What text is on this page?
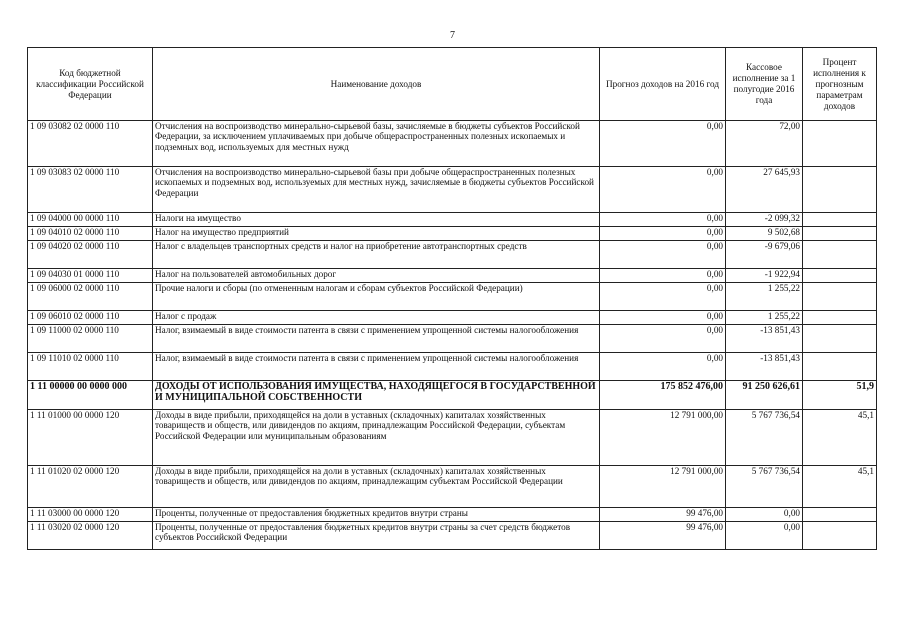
7
Код бюджетной классификации Российской Федерации	Наименование доходов	Прогноз доходов на 2016 год	Кассовое исполнение за 1 полугодие 2016 года	Процент исполнения к прогнозным параметрам доходов
1 09 03082 02 0000 110	Отчисления на воспроизводство минерально-сырьевой базы, зачисляемые в бюджеты субъектов Российской Федерации, за исключением уплачиваемых при добыче общераспространенных полезных ископаемых и подземных вод, используемых для местных нужд	0,00	72,00	
1 09 03083 02 0000 110	Отчисления на воспроизводство минерально-сырьевой базы при добыче общераспространенных полезных ископаемых и подземных вод, используемых для местных нужд, зачисляемые в бюджеты субъектов Российской Федерации	0,00	27 645,93	
1 09 04000 00 0000 110	Налоги на имущество	0,00	-2 099,32	
1 09 04010 02 0000 110	Налог на имущество предприятий	0,00	9 502,68	
1 09 04020 02 0000 110	Налог с владельцев транспортных средств и налог на приобретение автотранспортных средств	0,00	-9 679,06	
1 09 04030 01 0000 110	Налог на пользователей автомобильных дорог	0,00	-1 922,94	
1 09 06000 02 0000 110	Прочие налоги и сборы (по отмененным налогам и сборам субъектов Российской Федерации)	0,00	1 255,22	
1 09 06010 02 0000 110	Налог с продаж	0,00	1 255,22	
1 09 11000 02 0000 110	Налог, взимаемый в виде стоимости патента в связи с применением упрощенной системы налогообложения	0,00	-13 851,43	
1 09 11010 02 0000 110	Налог, взимаемый в виде стоимости патента в связи с применением упрощенной системы налогообложения	0,00	-13 851,43	
1 11 00000 00 0000 000	ДОХОДЫ ОТ ИСПОЛЬЗОВАНИЯ ИМУЩЕСТВА, НАХОДЯЩЕГОСЯ В ГОСУДАРСТВЕННОЙ И МУНИЦИПАЛЬНОЙ СОБСТВЕННОСТИ	175 852 476,00	91 250 626,61	51,9
1 11 01000 00 0000 120	Доходы в виде прибыли, приходящейся на доли в уставных (складочных) капиталах хозяйственных товариществ и обществ, или дивидендов по акциям, принадлежащим Российской Федерации, субъектам Российской Федерации или муниципальным образованиям	12 791 000,00	5 767 736,54	45,1
1 11 01020 02 0000 120	Доходы в виде прибыли, приходящейся на доли в уставных (складочных) капиталах хозяйственных товариществ и обществ, или дивидендов по акциям, принадлежащим субъектам Российской Федерации	12 791 000,00	5 767 736,54	45,1
1 11 03000 00 0000 120	Проценты, полученные от предоставления бюджетных кредитов внутри страны	99 476,00	0,00	
1 11 03020 02 0000 120	Проценты, полученные от предоставления бюджетных кредитов внутри страны за счет средств бюджетов субъектов Российской Федерации	99 476,00	0,00	
